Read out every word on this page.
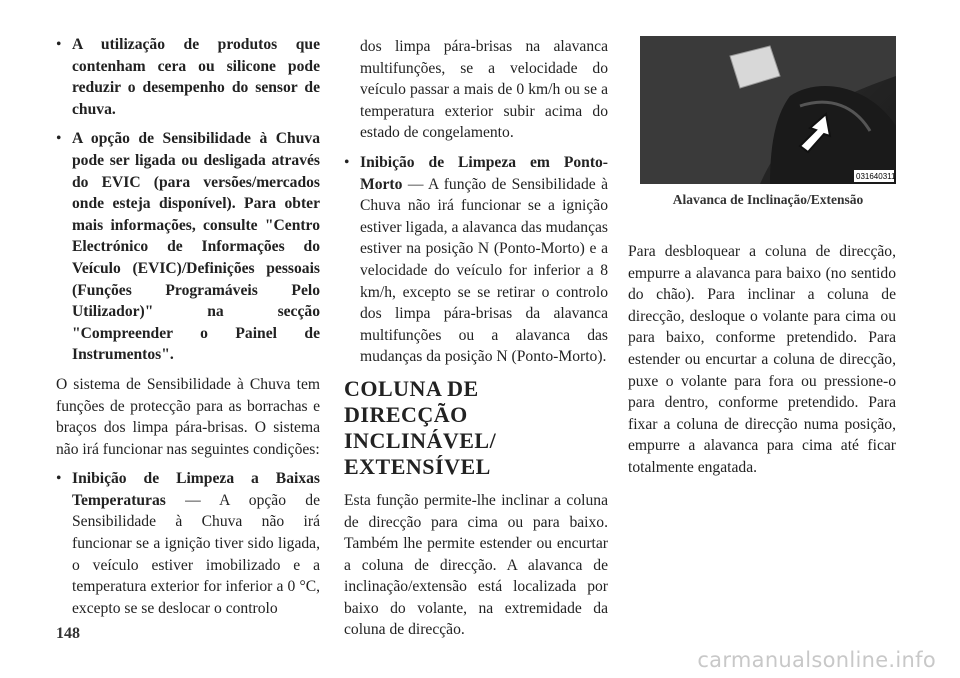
• A utilização de produtos que contenham cera ou silicone pode reduzir o desempenho do sensor de chuva.
• A opção de Sensibilidade à Chuva pode ser ligada ou desligada através do EVIC (para versões/mercados onde esteja disponível). Para obter mais informações, consulte "Centro Electrónico de Informações do Veículo (EVIC)/Definições pessoais (Funções Programáveis Pelo Utilizador)" na secção "Compreender o Painel de Instrumentos".

O sistema de Sensibilidade à Chuva tem funções de protecção para as borrachas e braços dos limpa pára-brisas. O sistema não irá funcionar nas seguintes condições:

• Inibição de Limpeza a Baixas Temperaturas — A opção de Sensibilidade à Chuva não irá funcionar se a ignição tiver sido ligada, o veículo estiver imobilizado e a temperatura exterior for inferior a 0 °C, excepto se se deslocar o controlo
dos limpa pára-brisas na alavanca multifunções, se a velocidade do veículo passar a mais de 0 km/h ou se a temperatura exterior subir acima do estado de congelamento.
• Inibição de Limpeza em Ponto-Morto — A função de Sensibilidade à Chuva não irá funcionar se a ignição estiver ligada, a alavanca das mudanças estiver na posição N (Ponto-Morto) e a velocidade do veículo for inferior a 8 km/h, excepto se se retirar o controlo dos limpa pára-brisas da alavanca multifunções ou a alavanca das mudanças da posição N (Ponto-Morto).
COLUNA DE DIRECÇÃO INCLINÁVEL/ EXTENSÍVEL

Esta função permite-lhe inclinar a coluna de direcção para cima ou para baixo. Também lhe permite estender ou encurtar a coluna de direcção. A alavanca de inclinação/extensão está localizada por baixo do volante, na extremidade da coluna de direcção.

031640311
Alavanca de Inclinação/Extensão

Para desbloquear a coluna de direcção, empurre a alavanca para baixo (no sentido do chão). Para inclinar a coluna de direcção, desloque o volante para cima ou para baixo, conforme pretendido. Para estender ou encurtar a coluna de direcção, puxe o volante para fora ou pressione-o para dentro, conforme pretendido. Para fixar a coluna de direcção numa posição, empurre a alavanca para cima até ficar totalmente engatada.

148
carmanualsonline.info
